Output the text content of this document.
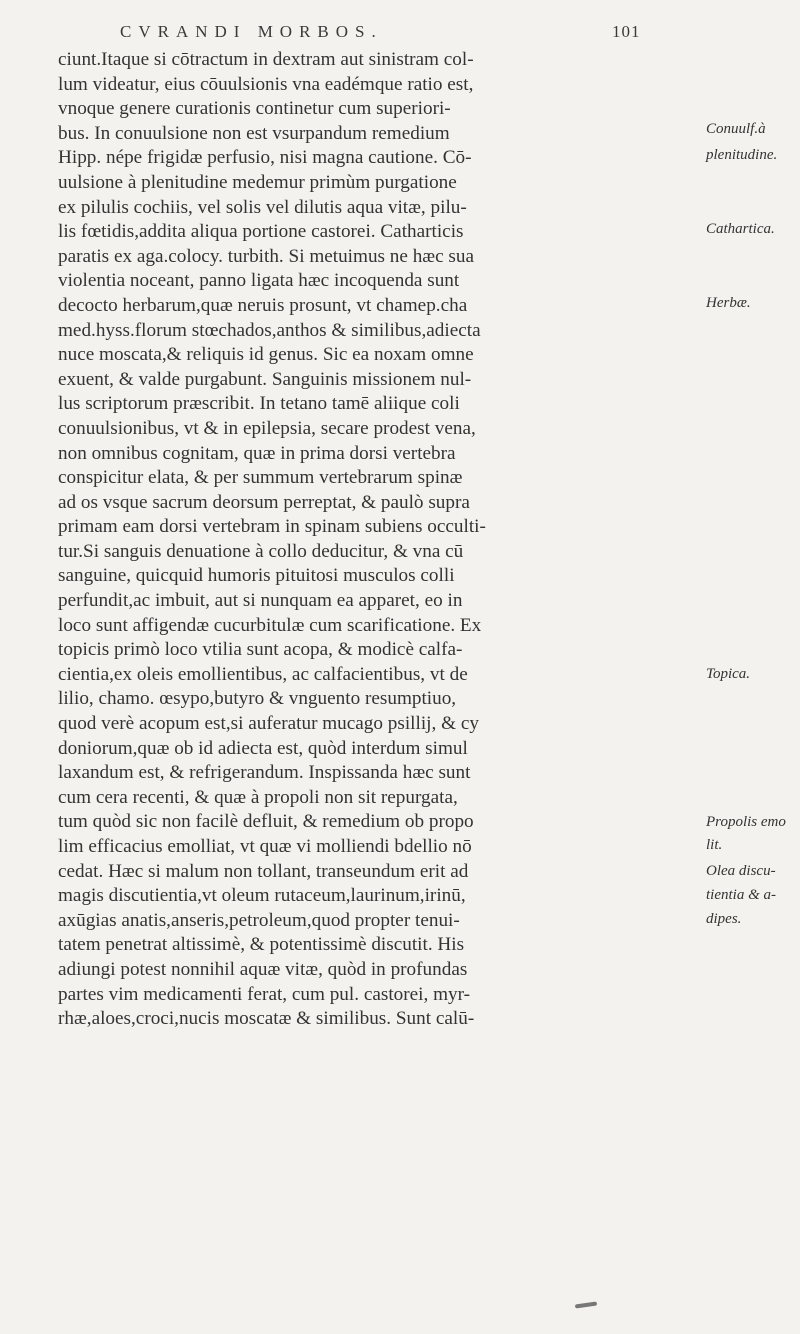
CVRANDI MORBOS.	101
ciunt.Itaque si cōtractum in dextram aut sinistram col-
lum videatur, eius cōuulsionis vna eadémque ratio est,
vnoque genere curationis continetur cum superiori-
bus. In conuulsione non est vsurpandum remedium
Hipp. népe frigidæ perfusio, nisi magna cautione. Cō-
uulsione à plenitudine medemur primùm purgatione
ex pilulis cochiis, vel solis vel dilutis aqua vitæ, pilu-
lis fœtidis,addita aliqua portione castorei. Catharticis
paratis ex aga.colocy. turbith. Si metuimus ne hæc sua
violentia noceant, panno ligata hæc incoquenda sunt
decocto herbarum,quæ neruis prosunt, vt chamep.cha
med.hyss.florum stœchados,anthos & similibus,adiecta
nuce moscata,& reliquis id genus. Sic ea noxam omne
exuent, & valde purgabunt. Sanguinis missionem nul-
lus scriptorum præscribit. In tetano tamē aliique coli
conuulsionibus, vt & in epilepsia, secare prodest vena,
non omnibus cognitam, quæ in prima dorsi vertebra
conspicitur elata, & per summum vertebrarum spinæ
ad os vsque sacrum deorsum perreptat, & paulò supra
primam eam dorsi vertebram in spinam subiens occulti-
tur.Si sanguis denuatione à collo deducitur, & vna cū
sanguine, quicquid humoris pituitosi musculos colli
perfundit,ac imbuit, aut si nunquam ea apparet, eo in
loco sunt affigendæ cucurbitulæ cum scarificatione. Ex
topicis primò loco vtilia sunt acopa, & modicè calfa-
cientia,ex oleis emollientibus, ac calfacientibus, vt de
lilio, chamo. œsypo,butyro & vnguento resumptiuo,
quod verè acopum est,si auferatur mucago psillij, & cy
doniorum,quæ ob id adiecta est, quòd interdum simul
laxandum est, & refrigerandum. Inspissanda hæc sunt
cum cera recenti, & quæ à propoli non sit repurgata,
tum quòd sic non facilè defluit, & remedium ob propo
lim efficacius emolliat, vt quæ vi molliendi bdellio nō
cedat. Hæc si malum non tollant, transeundum erit ad
magis discutientia,vt oleum rutaceum,laurinum,irinū,
axūgias anatis,anseris,petroleum,quod propter tenui-
tatem penetrat altissimè, & potentissimè discutit. His
adiungi potest nonnihil aquæ vitæ, quòd in profundas
partes vim medicamenti ferat, cum pul. castorei, myr-
rhæ,aloes,croci,nucis moscatæ & similibus. Sunt calū-
Conuulf.à
plenitudine.
Cathartica.
Herbæ.
Topica.
Propolis emo
lit.
Olea discu-
tientia & a-
dipes.
